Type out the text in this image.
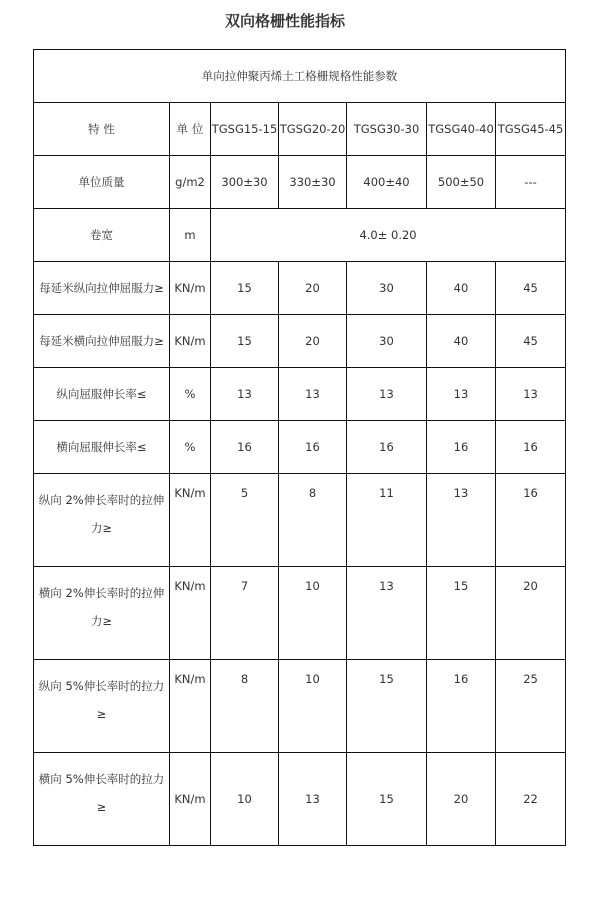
双向格栅性能指标
单向拉伸聚丙烯土工格栅规格性能参数						
特 性	单 位	TGSG15-15	TGSG20-20	TGSG30-30	TGSG40-40	TGSG45-45
单位质量	g/m2	300±30	330±30	400±40	500±50	---
卷宽	m	4.0± 0.20				
每延米纵向拉伸屈服力≥	KN/m	15	20	30	40	45
每延米横向拉伸屈服力≥	KN/m	15	20	30	40	45
纵向屈服伸长率≤	%	13	13	13	13	13
横向屈服伸长率≤	%	16	16	16	16	16
纵向 2%伸长率时的拉伸力≥	KN/m	5	8	11	13	16
横向 2%伸长率时的拉伸力≥	KN/m	7	10	13	15	20
纵向 5%伸长率时的拉力≥	KN/m	8	10	15	16	25
横向 5%伸长率时的拉力≥	KN/m	10	13	15	20	22
